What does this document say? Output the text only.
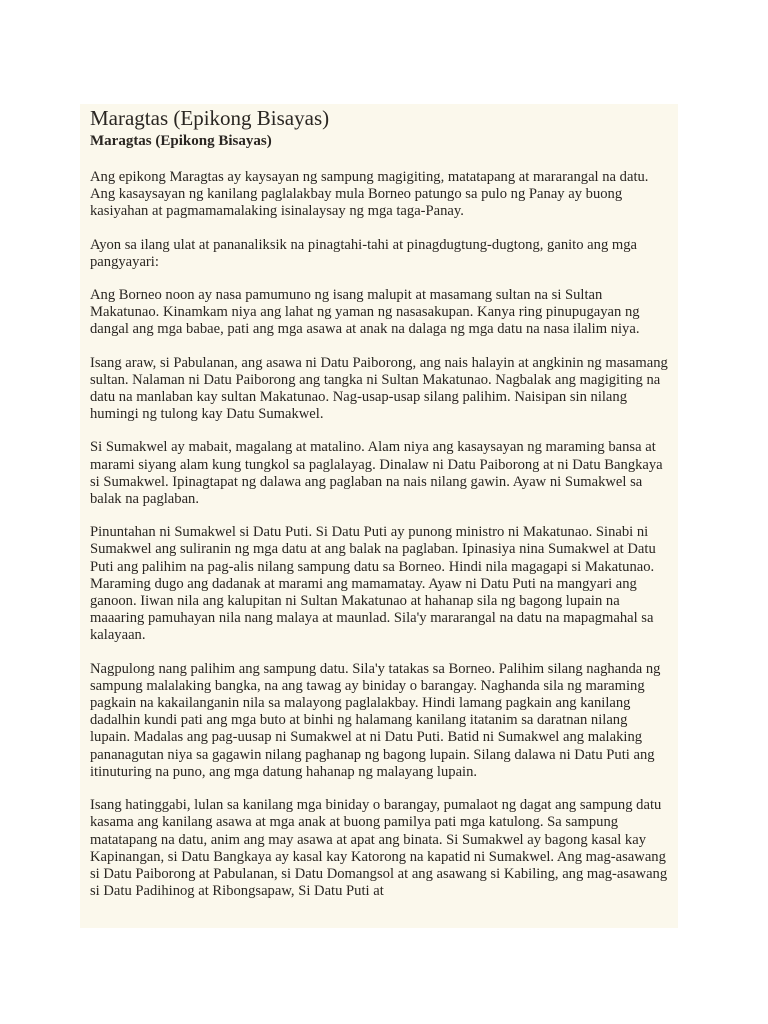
Maragtas (Epikong Bisayas)
Maragtas (Epikong Bisayas)

Ang epikong Maragtas ay kaysayan ng sampung magigiting, matatapang at mararangal na datu. Ang kasaysayan ng kanilang paglalakbay mula Borneo patungo sa pulo ng Panay ay buong kasiyahan at pagmamamalaking isinalaysay ng mga taga-Panay.

Ayon sa ilang ulat at pananaliksik na pinagtahi-tahi at pinagdugtung-dugtong, ganito ang mga pangyayari:

Ang Borneo noon ay nasa pamumuno ng isang malupit at masamang sultan na si Sultan Makatunao. Kinamkam niya ang lahat ng yaman ng nasasakupan. Kanya ring pinupugayan ng dangal ang mga babae, pati ang mga asawa at anak na dalaga ng mga datu na nasa ilalim niya.

Isang araw, si Pabulanan, ang asawa ni Datu Paiborong, ang nais halayin at angkinin ng masamang sultan. Nalaman ni Datu Paiborong ang tangka ni Sultan Makatunao. Nagbalak ang magigiting na datu na manlaban kay sultan Makatunao. Nag-usap-usap silang palihim. Naisipan sin nilang humingi ng tulong kay Datu Sumakwel.

Si Sumakwel ay mabait, magalang at matalino. Alam niya ang kasaysayan ng maraming bansa at marami siyang alam kung tungkol sa paglalayag. Dinalaw ni Datu Paiborong at ni Datu Bangkaya si Sumakwel. Ipinagtapat ng dalawa ang paglaban na nais nilang gawin. Ayaw ni Sumakwel sa balak na paglaban.

Pinuntahan ni Sumakwel si Datu Puti. Si Datu Puti ay punong ministro ni Makatunao. Sinabi ni Sumakwel ang suliranin ng mga datu at ang balak na paglaban. Ipinasiya nina Sumakwel at Datu Puti ang palihim na pag-alis nilang sampung datu sa Borneo. Hindi nila magagapi si Makatunao. Maraming dugo ang dadanak at marami ang mamamatay. Ayaw ni Datu Puti na mangyari ang ganoon. Iiwan nila ang kalupitan ni Sultan Makatunao at hahanap sila ng bagong lupain na maaaring pamuhayan nila nang malaya at maunlad. Sila'y mararangal na datu na mapagmahal sa kalayaan.

Nagpulong nang palihim ang sampung datu. Sila'y tatakas sa Borneo. Palihim silang naghanda ng sampung malalaking bangka, na ang tawag ay biniday o barangay. Naghanda sila ng maraming pagkain na kakailanganin nila sa malayong paglalakbay. Hindi lamang pagkain ang kanilang dadalhin kundi pati ang mga buto at binhi ng halamang kanilang itatanim sa daratnan nilang lupain. Madalas ang pag-uusap ni Sumakwel at ni Datu Puti. Batid ni Sumakwel ang malaking pananagutan niya sa gagawin nilang paghanap ng bagong lupain. Silang dalawa ni Datu Puti ang itinuturing na puno, ang mga datung hahanap ng malayang lupain.

Isang hatinggabi, lulan sa kanilang mga biniday o barangay, pumalaot ng dagat ang sampung datu kasama ang kanilang asawa at mga anak at buong pamilya pati mga katulong. Sa sampung matatapang na datu, anim ang may asawa at apat ang binata. Si Sumakwel ay bagong kasal kay Kapinangan, si Datu Bangkaya ay kasal kay Katorong na kapatid ni Sumakwel. Ang mag-asawang si Datu Paiborong at Pabulanan, si Datu Domangsol at ang asawang si Kabiling, ang mag-asawang si Datu Padihinog at Ribongsapaw, Si Datu Puti at
